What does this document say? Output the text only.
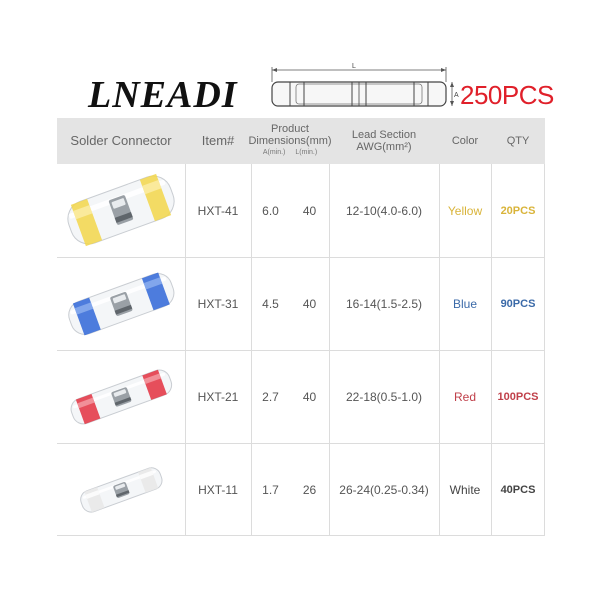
LNEADI
L
A 250PCS
Solder Connector	Item#
Product
Dimensions(mm)
A(min.) L(min.)
Lead Section
AWG(mm²)	Color	QTY
HXT-41	6.0	40	12-10(4.0-6.0)	Yellow	20PCS
HXT-31	4.5	40	16-14(1.5-2.5)	Blue	90PCS
HXT-21	2.7	40	22-18(0.5-1.0)	Red	100PCS
HXT-11	1.7	26	26-24(0.25-0.34)	White	40PCS
